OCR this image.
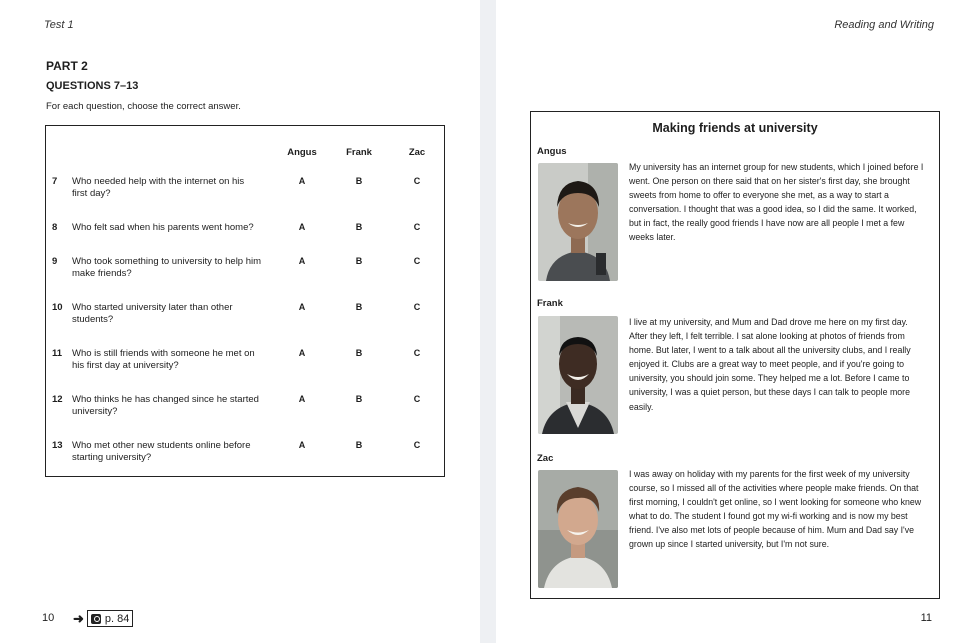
Test 1
PART 2
QUESTIONS 7–13
For each question, choose the correct answer.
Angus	Frank	Zac
7 Who needed help with the internet on his first day?
A	B	C
8 Who felt sad when his parents went home?	A	B	C
9 Who took something to university to help him make friends?
A	B	C
10 Who started university later than other students?
A	B	C
11 Who is still friends with someone he met on his first day at university?
A	B	C
12 Who thinks he has changed since he started university?
A	B	C
13 Who met other new students online before starting university?
A	B	C
10 ➜ p. 84
Reading and Writing
Making friends at university
Angus
My university has an internet group for new students, which I joined before I went. One person on there said that on her sister's first day, she brought sweets from home to offer to everyone she met, as a way to start a conversation. I thought that was a good idea, so I did the same. It worked, but in fact, the really good friends I have now are all people I met a few weeks later.
Frank
I live at my university, and Mum and Dad drove me here on my first day. After they left, I felt terrible. I sat alone looking at photos of friends from home. But later, I went to a talk about all the university clubs, and I really enjoyed it. Clubs are a great way to meet people, and if you're going to university, you should join some. They helped me a lot. Before I came to university, I was a quiet person, but these days I can talk to people more easily.
Zac
I was away on holiday with my parents for the first week of my university course, so I missed all of the activities where people make friends. On that first morning, I couldn't get online, so I went looking for someone who knew what to do. The student I found got my wi-fi working and is now my best friend. I've also met lots of people because of him. Mum and Dad say I've grown up since I started university, but I'm not sure.
11
